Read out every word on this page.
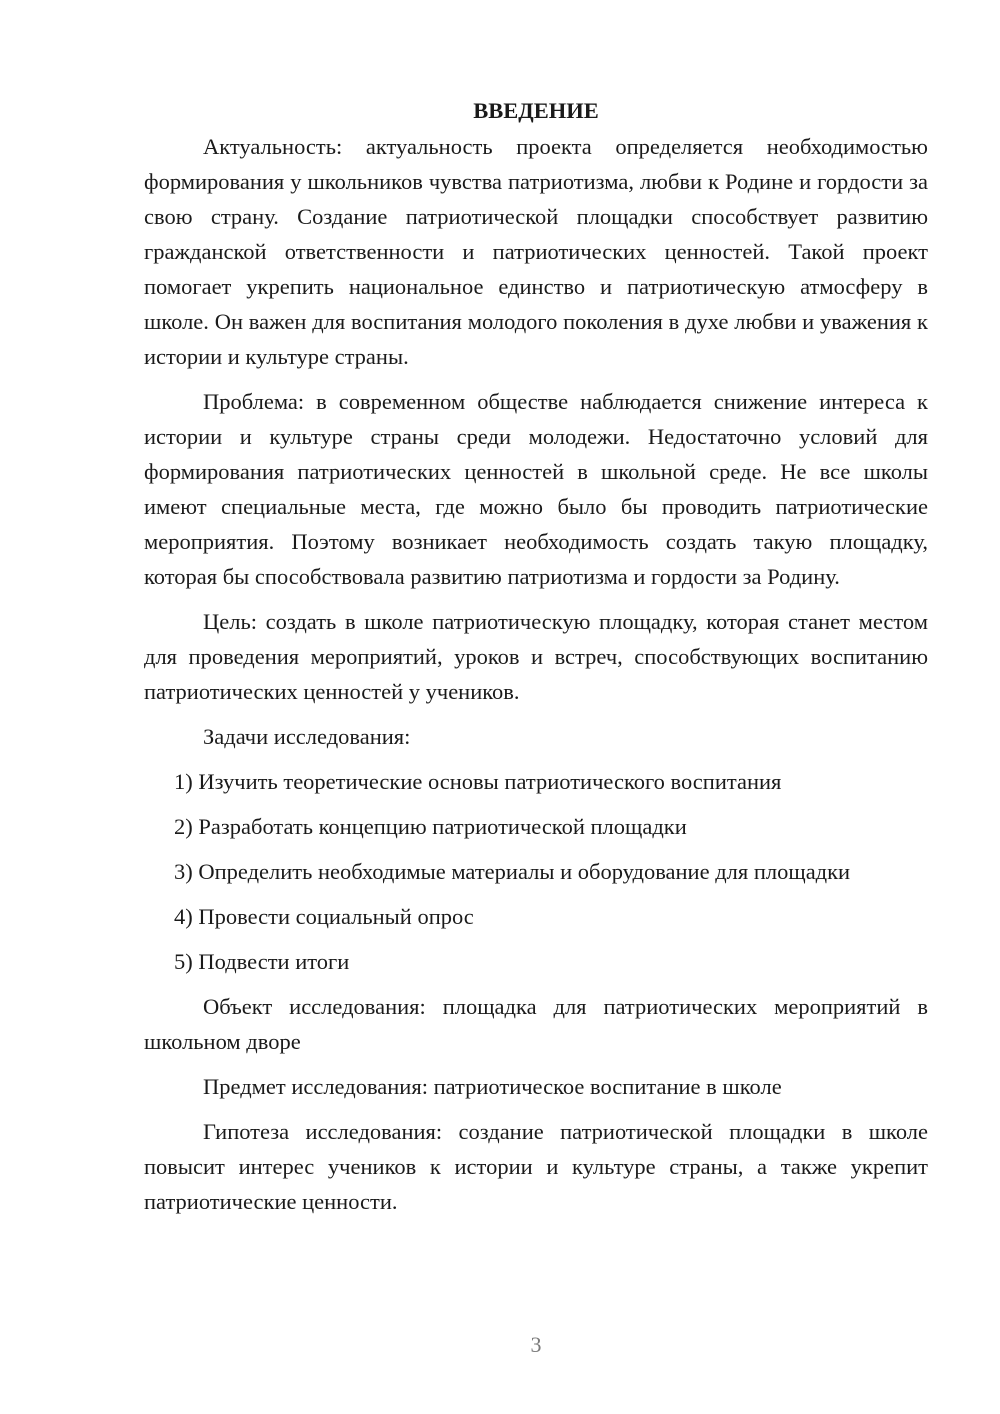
ВВЕДЕНИЕ

Актуальность: актуальность проекта определяется необходимостью формирования у школьников чувства патриотизма, любви к Родине и гордости за свою страну. Создание патриотической площадки способствует развитию гражданской ответственности и патриотических ценностей. Такой проект помогает укрепить национальное единство и патриотическую атмосферу в школе. Он важен для воспитания молодого поколения в духе любви и уважения к истории и культуре страны.

Проблема: в современном обществе наблюдается снижение интереса к истории и культуре страны среди молодежи. Недостаточно условий для формирования патриотических ценностей в школьной среде. Не все школы имеют специальные места, где можно было бы проводить патриотические мероприятия. Поэтому возникает необходимость создать такую площадку, которая бы способствовала развитию патриотизма и гордости за Родину.

Цель: создать в школе патриотическую площадку, которая станет местом для проведения мероприятий, уроков и встреч, способствующих воспитанию патриотических ценностей у учеников.

Задачи исследования:

1) Изучить теоретические основы патриотического воспитания
2) Разработать концепцию патриотической площадки
3) Определить необходимые материалы и оборудование для площадки
4) Провести социальный опрос
5) Подвести итоги

Объект исследования: площадка для патриотических мероприятий в школьном дворе

Предмет исследования: патриотическое воспитание в школе

Гипотеза исследования: создание патриотической площадки в школе повысит интерес учеников к истории и культуре страны, а также укрепит патриотические ценности.

3
